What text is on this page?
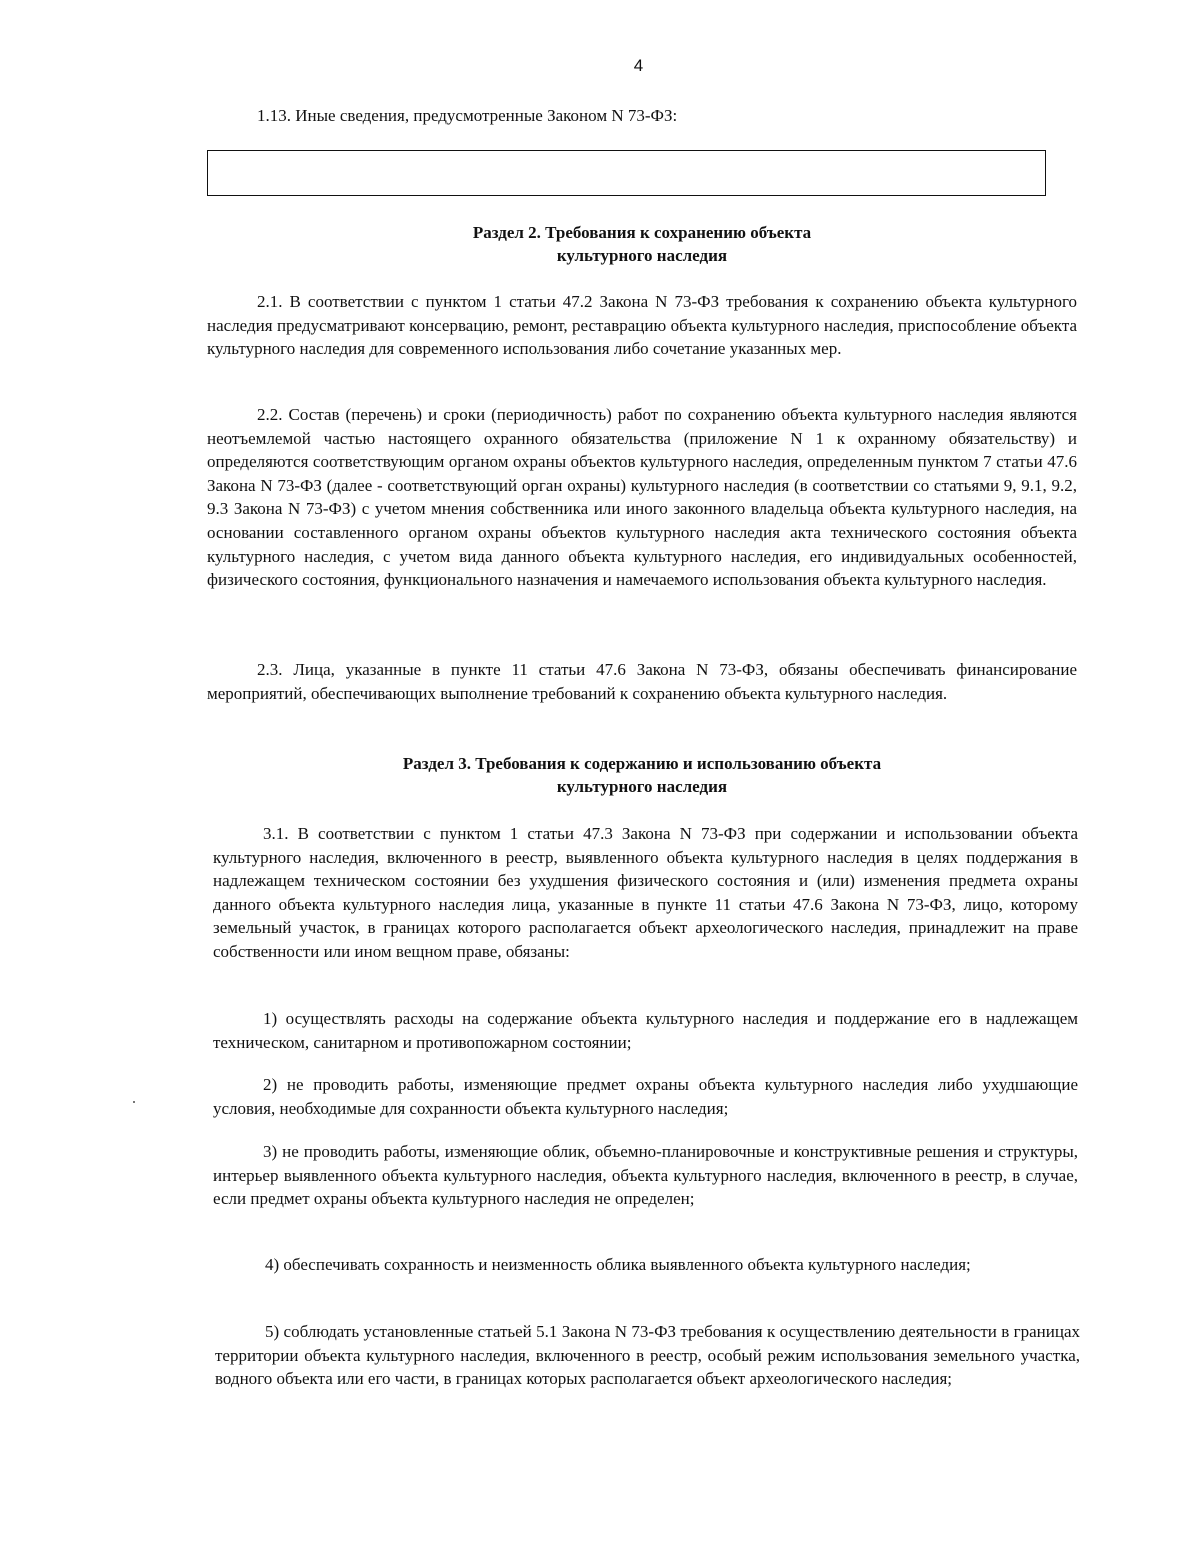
4

1.13. Иные сведения, предусмотренные Законом N 73-ФЗ:

Раздел 2. Требования к сохранению объекта
культурного наследия

2.1. В соответствии с пунктом 1 статьи 47.2 Закона N 73-ФЗ требования к сохранению объекта культурного наследия предусматривают консервацию, ремонт, реставрацию объекта культурного наследия, приспособление объекта культурного наследия для современного использования либо сочетание указанных мер.

2.2. Состав (перечень) и сроки (периодичность) работ по сохранению объекта культурного наследия являются неотъемлемой частью настоящего охранного обязательства (приложение N 1 к охранному обязательству) и определяются соответствующим органом охраны объектов культурного наследия, определенным пунктом 7 статьи 47.6 Закона N 73-ФЗ (далее - соответствующий орган охраны) культурного наследия (в соответствии со статьями 9, 9.1, 9.2, 9.3 Закона N 73-ФЗ) с учетом мнения собственника или иного законного владельца объекта культурного наследия, на основании составленного органом охраны объектов культурного наследия акта технического состояния объекта культурного наследия, с учетом вида данного объекта культурного наследия, его индивидуальных особенностей, физического состояния, функционального назначения и намечаемого использования объекта культурного наследия.

2.3. Лица, указанные в пункте 11 статьи 47.6 Закона N 73-ФЗ, обязаны обеспечивать финансирование мероприятий, обеспечивающих выполнение требований к сохранению объекта культурного наследия.

Раздел 3. Требования к содержанию и использованию объекта
культурного наследия

3.1. В соответствии с пунктом 1 статьи 47.3 Закона N 73-ФЗ при содержании и использовании объекта культурного наследия, включенного в реестр, выявленного объекта культурного наследия в целях поддержания в надлежащем техническом состоянии без ухудшения физического состояния и (или) изменения предмета охраны данного объекта культурного наследия лица, указанные в пункте 11 статьи 47.6 Закона N 73-ФЗ, лицо, которому земельный участок, в границах которого располагается объект археологического наследия, принадлежит на праве собственности или ином вещном праве, обязаны:

1) осуществлять расходы на содержание объекта культурного наследия и поддержание его в надлежащем техническом, санитарном и противопожарном состоянии;

2) не проводить работы, изменяющие предмет охраны объекта культурного наследия либо ухудшающие условия, необходимые для сохранности объекта культурного наследия;

3) не проводить работы, изменяющие облик, объемно-планировочные и конструктивные решения и структуры, интерьер выявленного объекта культурного наследия, объекта культурного наследия, включенного в реестр, в случае, если предмет охраны объекта культурного наследия не определен;

4) обеспечивать сохранность и неизменность облика выявленного объекта культурного наследия;

5) соблюдать установленные статьей 5.1 Закона N 73-ФЗ требования к осуществлению деятельности в границах территории объекта культурного наследия, включенного в реестр, особый режим использования земельного участка, водного объекта или его части, в границах которых располагается объект археологического наследия;
